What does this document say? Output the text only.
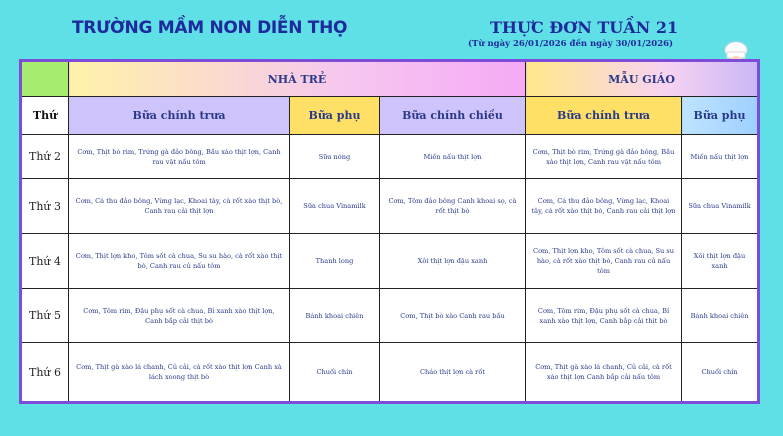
TRƯỜNG MẦM NON DIỄN THỌ	THỰC ĐƠN TUẦN 21
(Từ ngày 26/01/2026 đến ngày 30/01/2026)
	NHÀ TRẺ			MẪU GIÁO	
Thứ	Bữa chính trưa	Bữa phụ	Bữa chính chiều	Bữa chính trưa	Bữa phụ
Thứ 2	Cơm, Thịt bò rim, Trứng gà đảo bông, Bầu xào thịt lợn, Canh rau vặt nấu tôm	Sữa nóng	Miến nấu thịt lợn	Cơm, Thịt bò rim, Trứng gà đảo bông, Bầu xào thịt lợn, Canh rau vặt nấu tôm	Miến nấu thịt lợn
Thứ 3	Cơm, Cá thu đảo bông, Vừng lạc, Khoai tây, cà rốt xào thịt bò, Canh rau cải thịt lợn	Sữa chua Vinamilk	Cơm, Tôm đảo bông Canh khoai sọ, cà rốt thịt bò	Cơm, Cá thu đảo bông, Vừng lạc, Khoai tây, cà rốt xào thịt bò, Canh rau cải thịt lợn	Sữa chua Vinamilk
Thứ 4	Cơm, Thịt lợn kho, Tôm sốt cà chua, Su su hào, cà rốt xào thịt bò, Canh rau củ nấu tôm	Thanh long	Xôi thịt lợn đậu xanh	Cơm, Thịt lợn kho, Tôm sốt cà chua, Su su hào, cà rốt xào thịt bò, Canh rau củ nấu tôm	Xôi thịt lợn đậu xanh
Thứ 5	Cơm, Tôm rim, Đậu phụ sốt cà chua, Bí xanh xào thịt lợn, Canh bắp cải thịt bò	Bánh khoai chiên	Cơm, Thịt bò xào Canh rau bầu	Cơm, Tôm rim, Đậu phụ sốt cà chua, Bí xanh xào thịt lợn, Canh bắp cải thịt bò	Bánh khoai chiên
Thứ 6	Cơm, Thịt gà xào lá chanh, Củ cải, cà rốt xào thịt lợn Canh xà lách xoong thịt bò	Chuối chín	Cháo thịt lợn cà rốt	Cơm, Thịt gà xào lá chanh, Củ cải, cà rốt xào thịt lợn Canh bắp cải nấu tôm	Chuối chín
